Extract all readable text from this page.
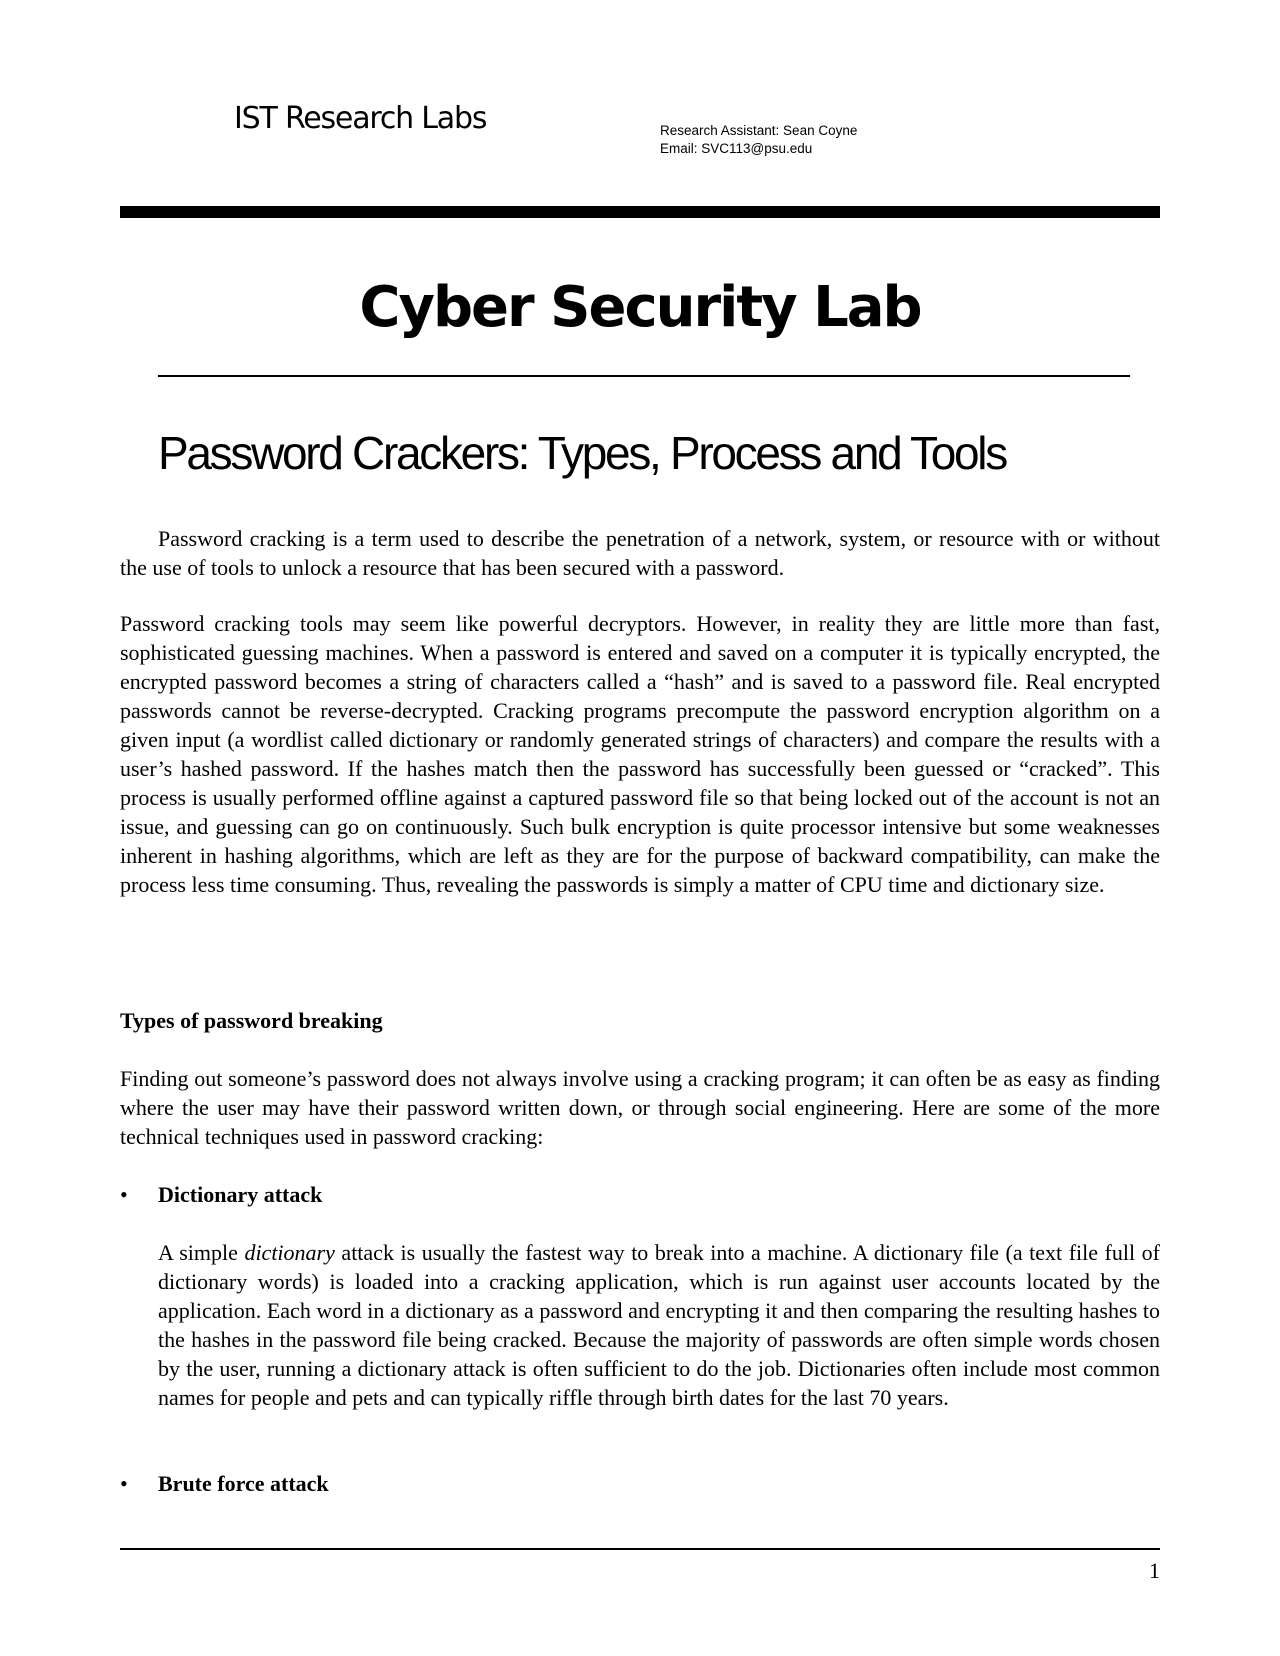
IST Research Labs	Research Assistant: Sean Coyne
Email: SVC113@psu.edu
Cyber Security Lab
Password Crackers: Types, Process and Tools

Password cracking is a term used to describe the penetration of a network, system, or resource with or without the use of tools to unlock a resource that has been secured with a password.

Password cracking tools may seem like powerful decryptors. However, in reality they are little more than fast, sophisticated guessing machines. When a password is entered and saved on a computer it is typically encrypted, the encrypted password becomes a string of characters called a “hash” and is saved to a password file. Real encrypted passwords cannot be reverse-decrypted. Cracking programs precompute the password encryption algorithm on a given input (a wordlist called dictionary or randomly generated strings of characters) and compare the results with a user’s hashed password. If the hashes match then the password has successfully been guessed or “cracked”. This process is usually performed offline against a captured password file so that being locked out of the account is not an issue, and guessing can go on continuously. Such bulk encryption is quite processor intensive but some weaknesses inherent in hashing algorithms, which are left as they are for the purpose of backward compatibility, can make the process less time consuming. Thus, revealing the passwords is simply a matter of CPU time and dictionary size.

Types of password breaking

Finding out someone’s password does not always involve using a cracking program; it can often be as easy as finding where the user may have their password written down, or through social engineering. Here are some of the more technical techniques used in password cracking:

• Dictionary attack

A simple dictionary attack is usually the fastest way to break into a machine. A dictionary file (a text file full of dictionary words) is loaded into a cracking application, which is run against user accounts located by the application. Each word in a dictionary as a password and encrypting it and then comparing the resulting hashes to the hashes in the password file being cracked. Because the majority of passwords are often simple words chosen by the user, running a dictionary attack is often sufficient to do the job. Dictionaries often include most common names for people and pets and can typically riffle through birth dates for the last 70 years.

• Brute force attack
1
